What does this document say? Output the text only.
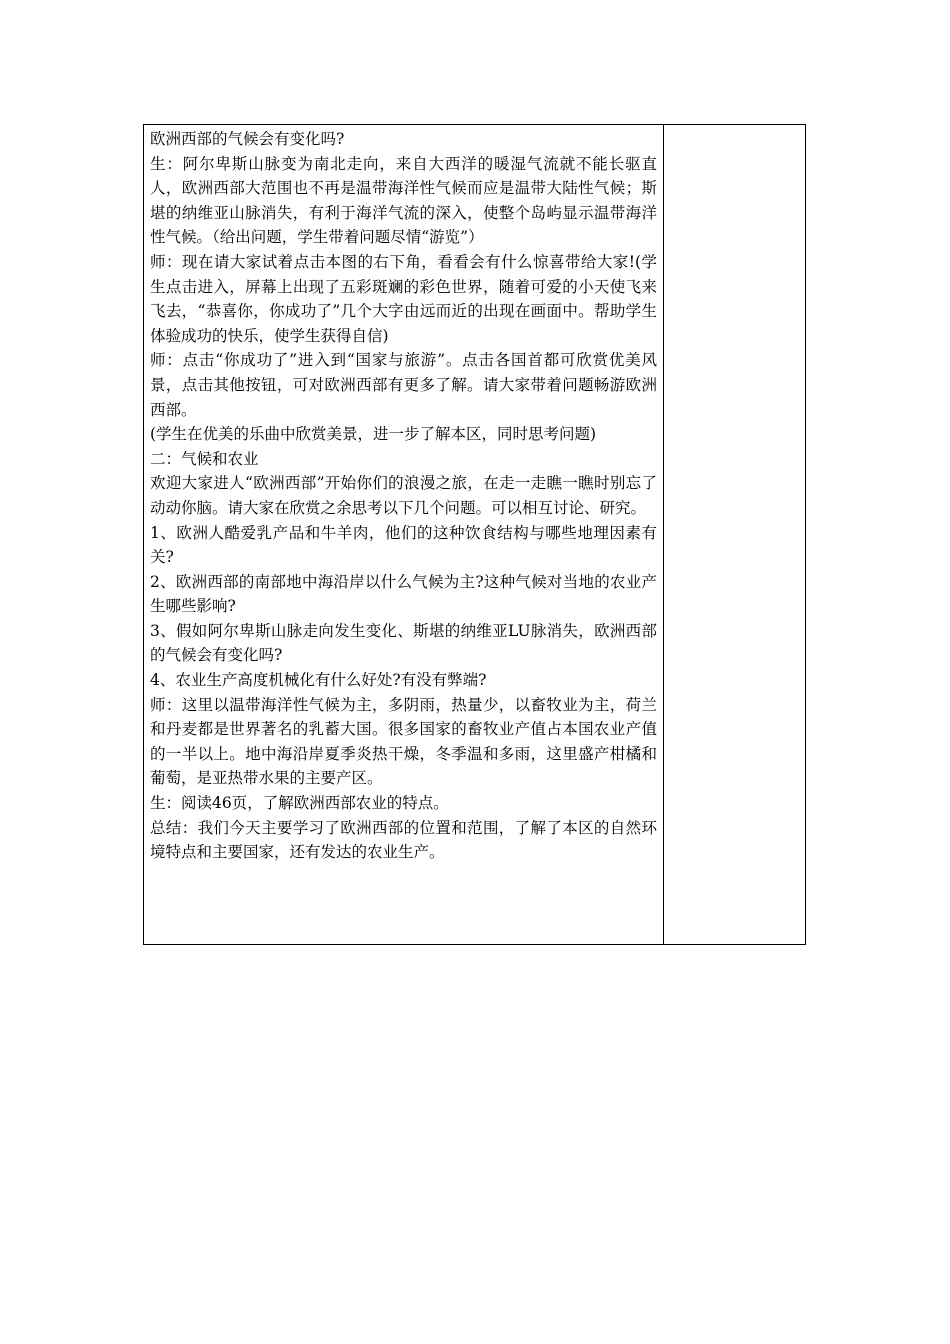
欧洲西部的气候会有变化吗?

生：阿尔卑斯山脉变为南北走向，来自大西洋的暖湿气流就不能长驱直人，欧洲西部大范围也不再是温带海洋性气候而应是温带大陆性气候；斯堪的纳维亚山脉消失，有利于海洋气流的深入，使整个岛屿显示温带海洋性气候。（给出问题，学生带着问题尽情“游览”）

师：现在请大家试着点击本图的右下角，看看会有什么惊喜带给大家!(学生点击进入，屏幕上出现了五彩斑斓的彩色世界，随着可爱的小天使飞来飞去，“恭喜你，你成功了”几个大字由远而近的出现在画面中。帮助学生体验成功的快乐，使学生获得自信)

师：点击“你成功了”进入到“国家与旅游”。点击各国首都可欣赏优美风景，点击其他按钮，可对欧洲西部有更多了解。请大家带着问题畅游欧洲西部。

(学生在优美的乐曲中欣赏美景，进一步了解本区，同时思考问题)

二：气候和农业

欢迎大家进人“欧洲西部”开始你们的浪漫之旅，在走一走瞧一瞧时别忘了动动你脑。请大家在欣赏之余思考以下几个问题。可以相互讨论、研究。

1、欧洲人酷爱乳产品和牛羊肉，他们的这种饮食结构与哪些地理因素有关?

2、欧洲西部的南部地中海沿岸以什么气候为主?这种气候对当地的农业产生哪些影响?

3、假如阿尔卑斯山脉走向发生变化、斯堪的纳维亚LU脉消失，欧洲西部的气候会有变化吗?

4、农业生产高度机械化有什么好处?有没有弊端?

师：这里以温带海洋性气候为主，多阴雨，热量少，以畜牧业为主，荷兰和丹麦都是世界著名的乳蓄大国。很多国家的畜牧业产值占本国农业产值的一半以上。地中海沿岸夏季炎热干燥，冬季温和多雨，这里盛产柑橘和葡萄，是亚热带水果的主要产区。

生：阅读46页，了解欧洲西部农业的特点。

总结：我们今天主要学习了欧洲西部的位置和范围，了解了本区的自然环境特点和主要国家，还有发达的农业生产。
